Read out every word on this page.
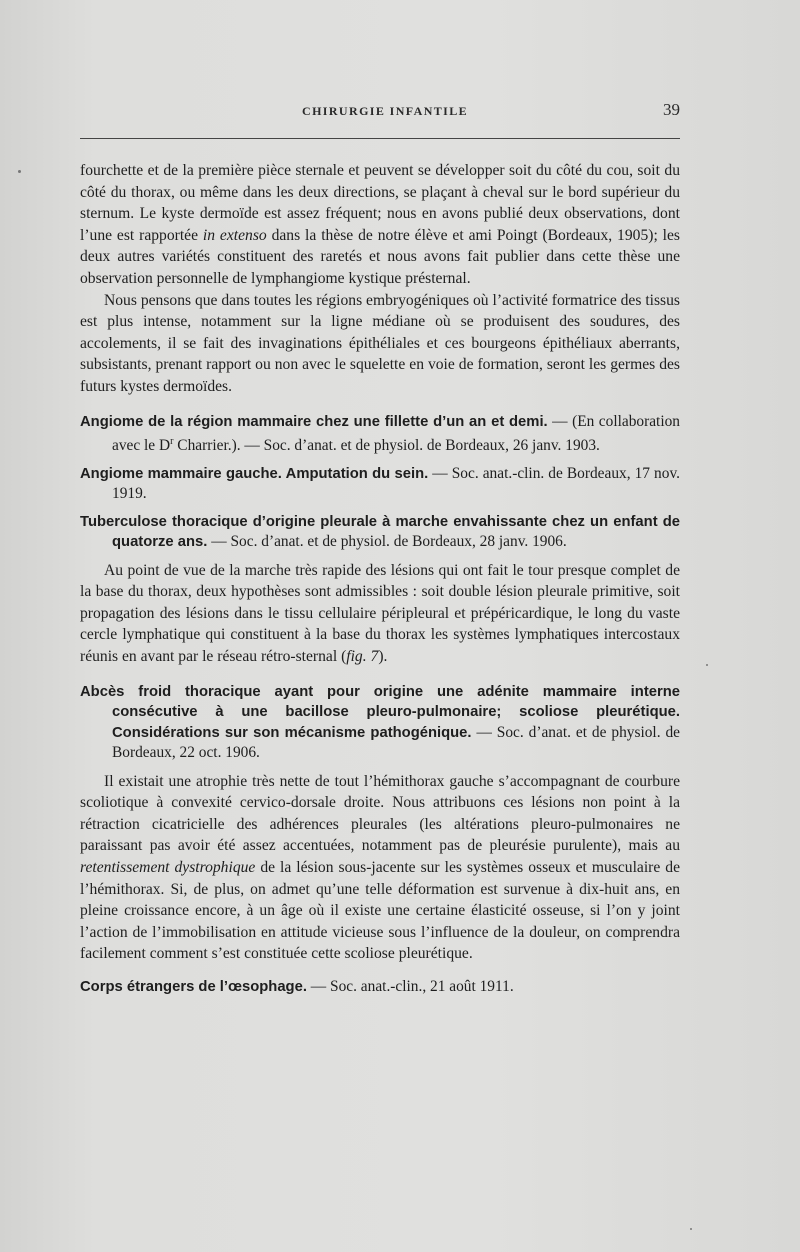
CHIRURGIE INFANTILE	39

fourchette et de la première pièce sternale et peuvent se développer soit du côté du cou, soit du côté du thorax, ou même dans les deux directions, se plaçant à cheval sur le bord supérieur du sternum. Le kyste dermoïde est assez fréquent; nous en avons publié deux observations, dont l’une est rapportée in extenso dans la thèse de notre élève et ami Poingt (Bordeaux, 1905); les deux autres variétés constituent des raretés et nous avons fait publier dans cette thèse une observation personnelle de lymphangiome kystique présternal.

Nous pensons que dans toutes les régions embryogéniques où l’activité formatrice des tissus est plus intense, notamment sur la ligne médiane où se produisent des soudures, des accolements, il se fait des invaginations épithéliales et ces bourgeons épithéliaux aberrants, subsistants, prenant rapport ou non avec le squelette en voie de formation, seront les germes des futurs kystes dermoïdes.

Angiome de la région mammaire chez une fillette d’un an et demi. — (En collaboration avec le $D^r$ Charrier.). — Soc. d’anat. et de physiol. de Bordeaux, 26 janv. 1903.

Angiome mammaire gauche. Amputation du sein. — Soc. anat.-clin. de Bordeaux, 17 nov. 1919.

Tuberculose thoracique d’origine pleurale à marche envahissante chez un enfant de quatorze ans. — Soc. d’anat. et de physiol. de Bordeaux, 28 janv. 1906.

Au point de vue de la marche très rapide des lésions qui ont fait le tour presque complet de la base du thorax, deux hypothèses sont admissibles : soit double lésion pleurale primitive, soit propagation des lésions dans le tissu cellulaire péripleural et prépéricardique, le long du vaste cercle lymphatique qui constituent à la base du thorax les systèmes lymphatiques intercostaux réunis en avant par le réseau rétro-sternal (fig. 7).

Abcès froid thoracique ayant pour origine une adénite mammaire interne consécutive à une bacillose pleuro-pulmonaire; scoliose pleurétique. Considérations sur son mécanisme pathogénique. — Soc. d’anat. et de physiol. de Bordeaux, 22 oct. 1906.

Il existait une atrophie très nette de tout l’hémithorax gauche s’accompagnant de courbure scoliotique à convexité cervico-dorsale droite. Nous attribuons ces lésions non point à la rétraction cicatricielle des adhérences pleurales (les altérations pleuro-pulmonaires ne paraissant pas avoir été assez accentuées, notamment pas de pleurésie purulente), mais au retentissement dystrophique de la lésion sous-jacente sur les systèmes osseux et musculaire de l’hémithorax. Si, de plus, on admet qu’une telle déformation est survenue à dix-huit ans, en pleine croissance encore, à un âge où il existe une certaine élasticité osseuse, si l’on y joint l’action de l’immobilisation en attitude vicieuse sous l’influence de la douleur, on comprendra facilement comment s’est constituée cette scoliose pleurétique.

Corps étrangers de l’œsophage. — Soc. anat.-clin., 21 août 1911.
